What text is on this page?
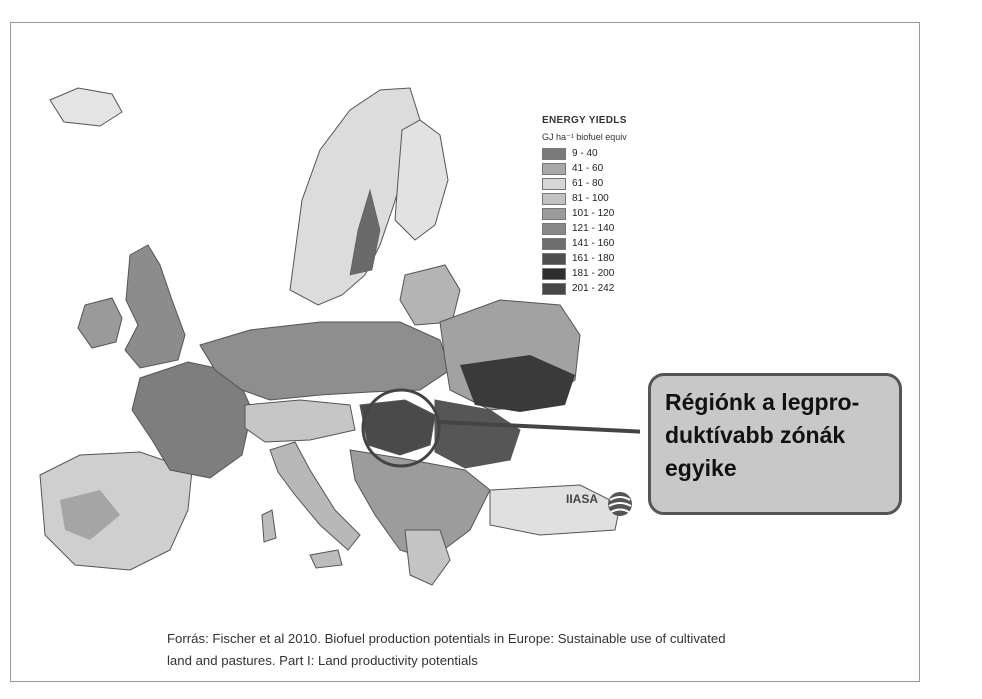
ENERGY YIEDLS
GJ ha⁻¹ biofuel equiv
9 - 40
41 - 60
61 - 80
81 - 100
101 - 120
121 - 140
141 - 160
161 - 180
181 - 200
201 - 242
IIASA
Régiónk a legpro-
duktívabb zónák
egyike
Forrás: Fischer et al 2010. Biofuel production potentials in Europe: Sustainable use of cultivated
land and pastures. Part I: Land productivity potentials
